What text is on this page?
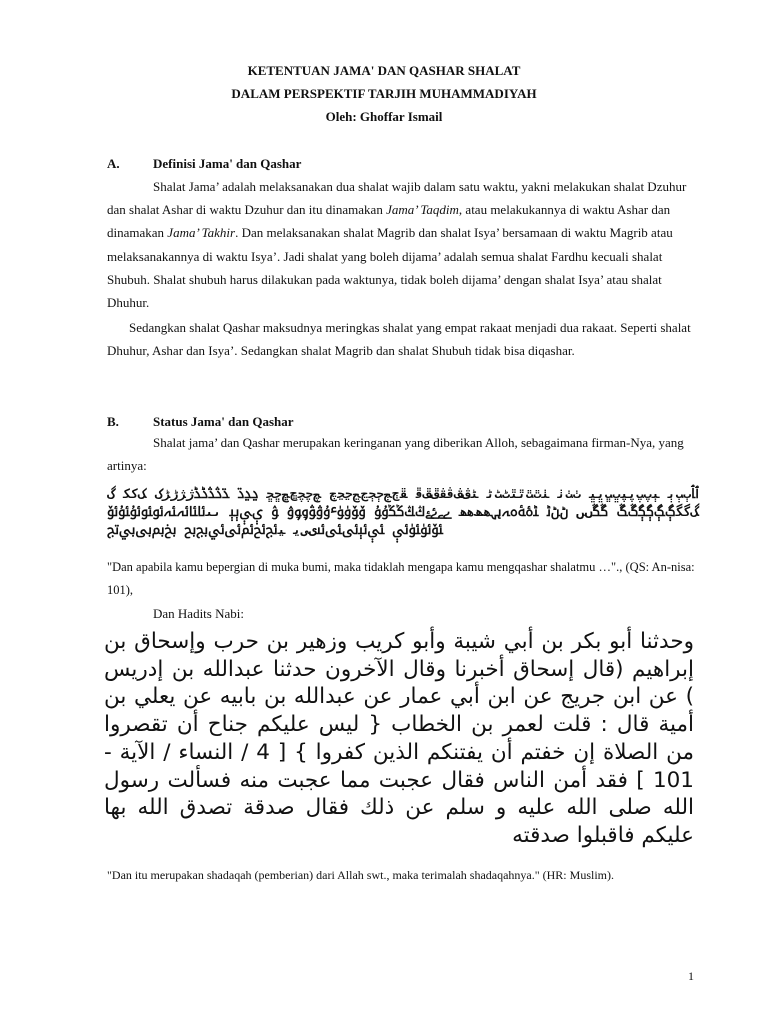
KETENTUAN JAMA' DAN QASHAR SHALAT
DALAM PERSPEKTIF TARJIH MUHAMMADIYAH
Oleh: Ghoffar Ismail
A.	Definisi Jama' dan Qashar

Shalat Jama’ adalah melaksanakan dua shalat wajib dalam satu waktu, yakni melakukan shalat Dzuhur dan shalat Ashar di waktu Dzuhur dan itu dinamakan Jama’ Taqdim, atau melakukannya di waktu Ashar dan dinamakan Jama’ Takhir. Dan melaksanakan shalat Magrib dan shalat Isya’ bersamaan di waktu Magrib atau melaksanakannya di waktu Isya’. Jadi shalat yang boleh dijama’ adalah semua shalat Fardhu kecuali shalat Shubuh. Shalat shubuh harus dilakukan pada waktunya, tidak boleh dijama’ dengan shalat Isya’ atau shalat Dhuhur.

Sedangkan shalat Qashar maksudnya meringkas shalat yang empat rakaat menjadi dua rakaat. Seperti shalat Dhuhur, Ashar dan Isya’. Sedangkan shalat Magrib dan shalat Shubuh tidak bisa diqashar.

B.	Status Jama' dan Qashar

Shalat jama’ dan Qashar merupakan keringanan yang diberikan Alloh, sebagaimana firman-Nya, yang artinya:

ﭐﭑﭒﭓﭔ ﭕﭖﭗﭘﭙﭚﭛﭜﭝ ﭞﭟﭠ ﭡﭢﭣﭤﭥﭦﭧﭨ ﭩﭪﭫﭬﭭﭮﭯﭰ ﭱﭲﭳﭴﭵﭶﭷﭸﭹﭺ ﭻﭼﭽﭾﭿﮀﮁ ﮂﮃﮄ ﮅﮆﮇﮈﮉﮊﮋﮌﮍﮎ ﮏﮐﮑ ﮒﮓﮔﮕﮖﮗﮘﮙﮚﮛ ﮜﮝﮞﮟ ﮠﮡﮢ ﮣﮤﮥﮦﮧﮨﮩﮪﮫﮬﮭ ﮮﮯﮰﮱﯓﯔﯕﯖﯗﯘ ﯙﯚﯛﯜﯝﯞﯟﯠﯡﯢ ﯣ ﯤﯥﯦﯧ ﯨﯩﯪﯫﯬﯭﯮﯯﯰﯱﯲﯳﯴﯵﯶ ﯷﯸﯹﯺﯻﯼﯽﯾ ﯿﰀﰁﰂﰃﰄﰅﰆ ﰇﰈﰉﰊﰋ

"Dan apabila kamu bepergian di muka bumi, maka tidaklah mengapa kamu mengqashar shalatmu …"., (QS: An-nisa: 101),

Dan Hadits Nabi:
وحدثنا أبو بكر بن أبي شيبة وأبو كريب وزهير بن حرب وإسحاق بن إبراهيم (قال إسحاق أخبرنا وقال الآخرون حدثنا عبدالله بن إدريس ) عن ابن جريج عن ابن أبي عمار عن عبدالله بن بابيه عن يعلي بن أمية قال : قلت لعمر بن الخطاب { ليس عليكم جناح أن تقصروا من الصلاة إن خفتم أن يفتنكم الذين كفروا } [ 4 / النساء / الآية - 101 ] فقد أمن الناس فقال عجبت مما عجبت منه فسألت رسول الله صلى الله عليه و سلم عن ذلك فقال صدقة تصدق الله بها عليكم فاقبلوا صدقته
"Dan itu merupakan shadaqah (pemberian) dari Allah swt., maka terimalah shadaqahnya." (HR: Muslim).
1
